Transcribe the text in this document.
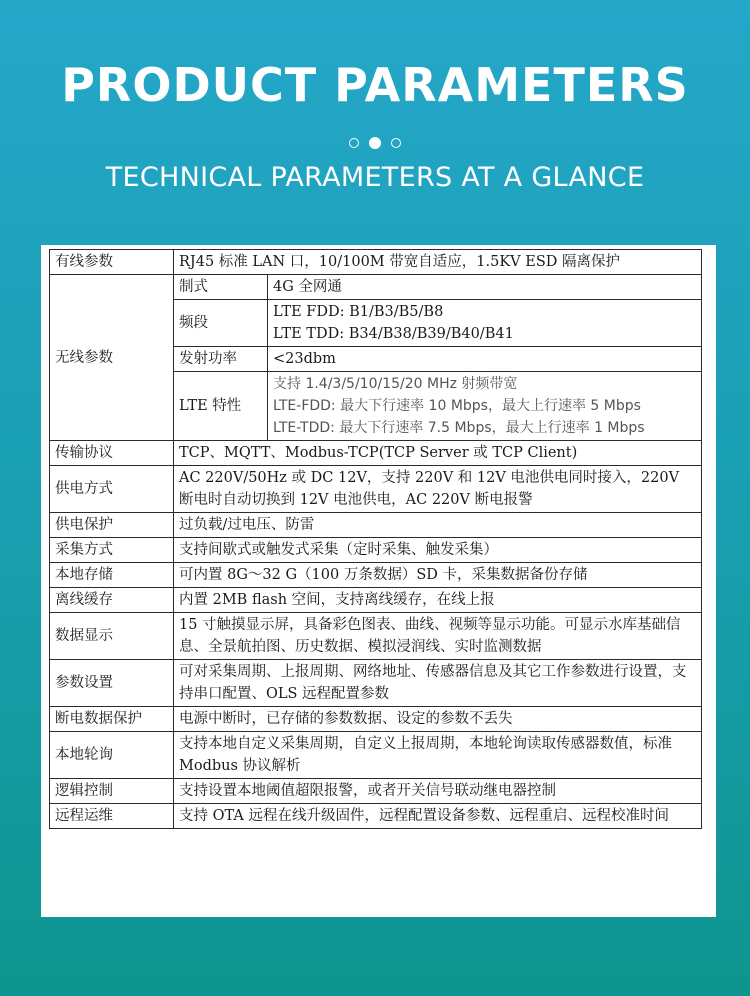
PRODUCT PARAMETERS
TECHNICAL PARAMETERS AT A GLANCE
有线参数	RJ45 标准 LAN 口，10/100M 带宽自适应，1.5KV ESD 隔离保护	
无线参数	制式	4G 全网通
	频段	LTE FDD: B1/B3/B5/B8
LTE TDD: B34/B38/B39/B40/B41

	发射功率	<23dbm
	LTE 特性	支持 1.4/3/5/10/15/20 MHz 射频带宽
LTE-FDD: 最大下行速率 10 Mbps，最大上行速率 5 Mbps
LTE-TDD: 最大下行速率 7.5 Mbps，最大上行速率 1 Mbps

传输协议	TCP、MQTT、Modbus-TCP(TCP Server 或 TCP Client)	
供电方式	AC 220V/50Hz 或 DC 12V，支持 220V 和 12V 电池供电同时接入，220V 断电时自动切换到 12V 电池供电，AC 220V 断电报警	
供电保护	过负载/过电压、防雷	
采集方式	支持间歇式或触发式采集（定时采集、触发采集）	
本地存储	可内置 8G～32 G（100 万条数据）SD 卡，采集数据备份存储	
离线缓存	内置 2MB flash 空间，支持离线缓存，在线上报	
数据显示	15 寸触摸显示屏，具备彩色图表、曲线、视频等显示功能。可显示水库基础信息、全景航拍图、历史数据、模拟浸润线、实时监测数据	
参数设置	可对采集周期、上报周期、网络地址、传感器信息及其它工作参数进行设置，支持串口配置、OLS 远程配置参数	
断电数据保护	电源中断时，已存储的参数数据、设定的参数不丢失	
本地轮询	支持本地自定义采集周期，自定义上报周期，本地轮询读取传感器数值，标准 Modbus 协议解析	
逻辑控制	支持设置本地阈值超限报警，或者开关信号联动继电器控制	
远程运维	支持 OTA 远程在线升级固件，远程配置设备参数、远程重启、远程校准时间	
